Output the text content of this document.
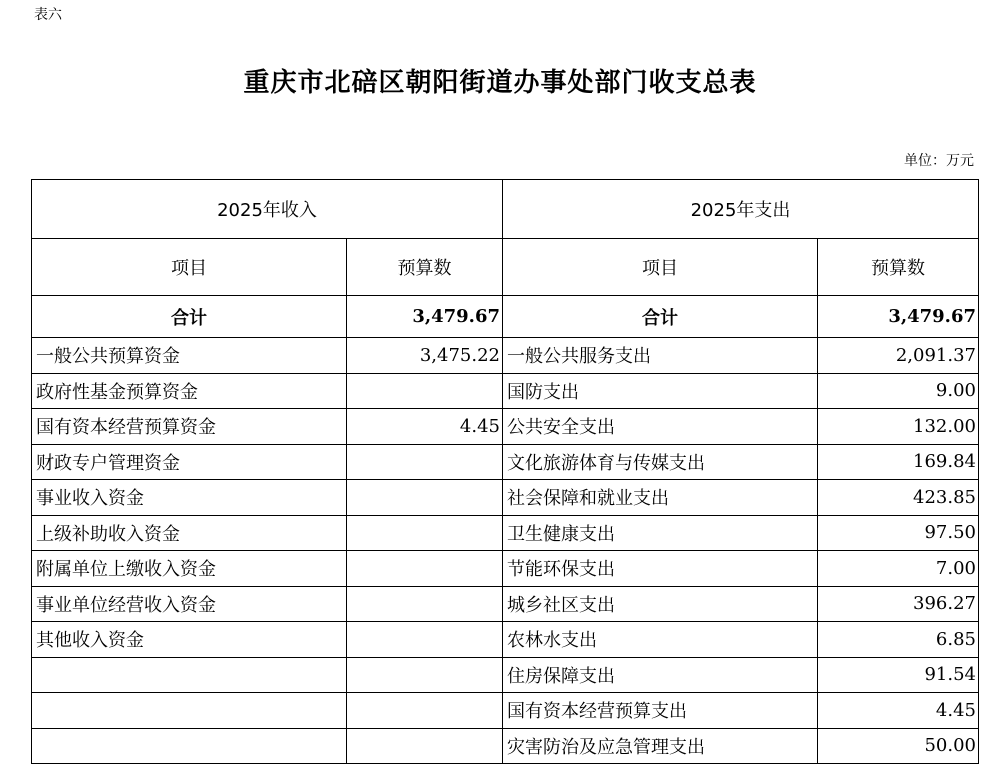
表六
重庆市北碚区朝阳街道办事处部门收支总表
单位：万元
2025年收入		2025年支出	
项目	预算数	项目	预算数
合计	3,479.67	合计	3,479.67
一般公共预算资金	3,475.22	一般公共服务支出	2,091.37
政府性基金预算资金		国防支出	9.00
国有资本经营预算资金	4.45	公共安全支出	132.00
财政专户管理资金		文化旅游体育与传媒支出	169.84
事业收入资金		社会保障和就业支出	423.85
上级补助收入资金		卫生健康支出	97.50
附属单位上缴收入资金		节能环保支出	7.00
事业单位经营收入资金		城乡社区支出	396.27
其他收入资金		农林水支出	6.85
		住房保障支出	91.54
		国有资本经营预算支出	4.45
		灾害防治及应急管理支出	50.00
